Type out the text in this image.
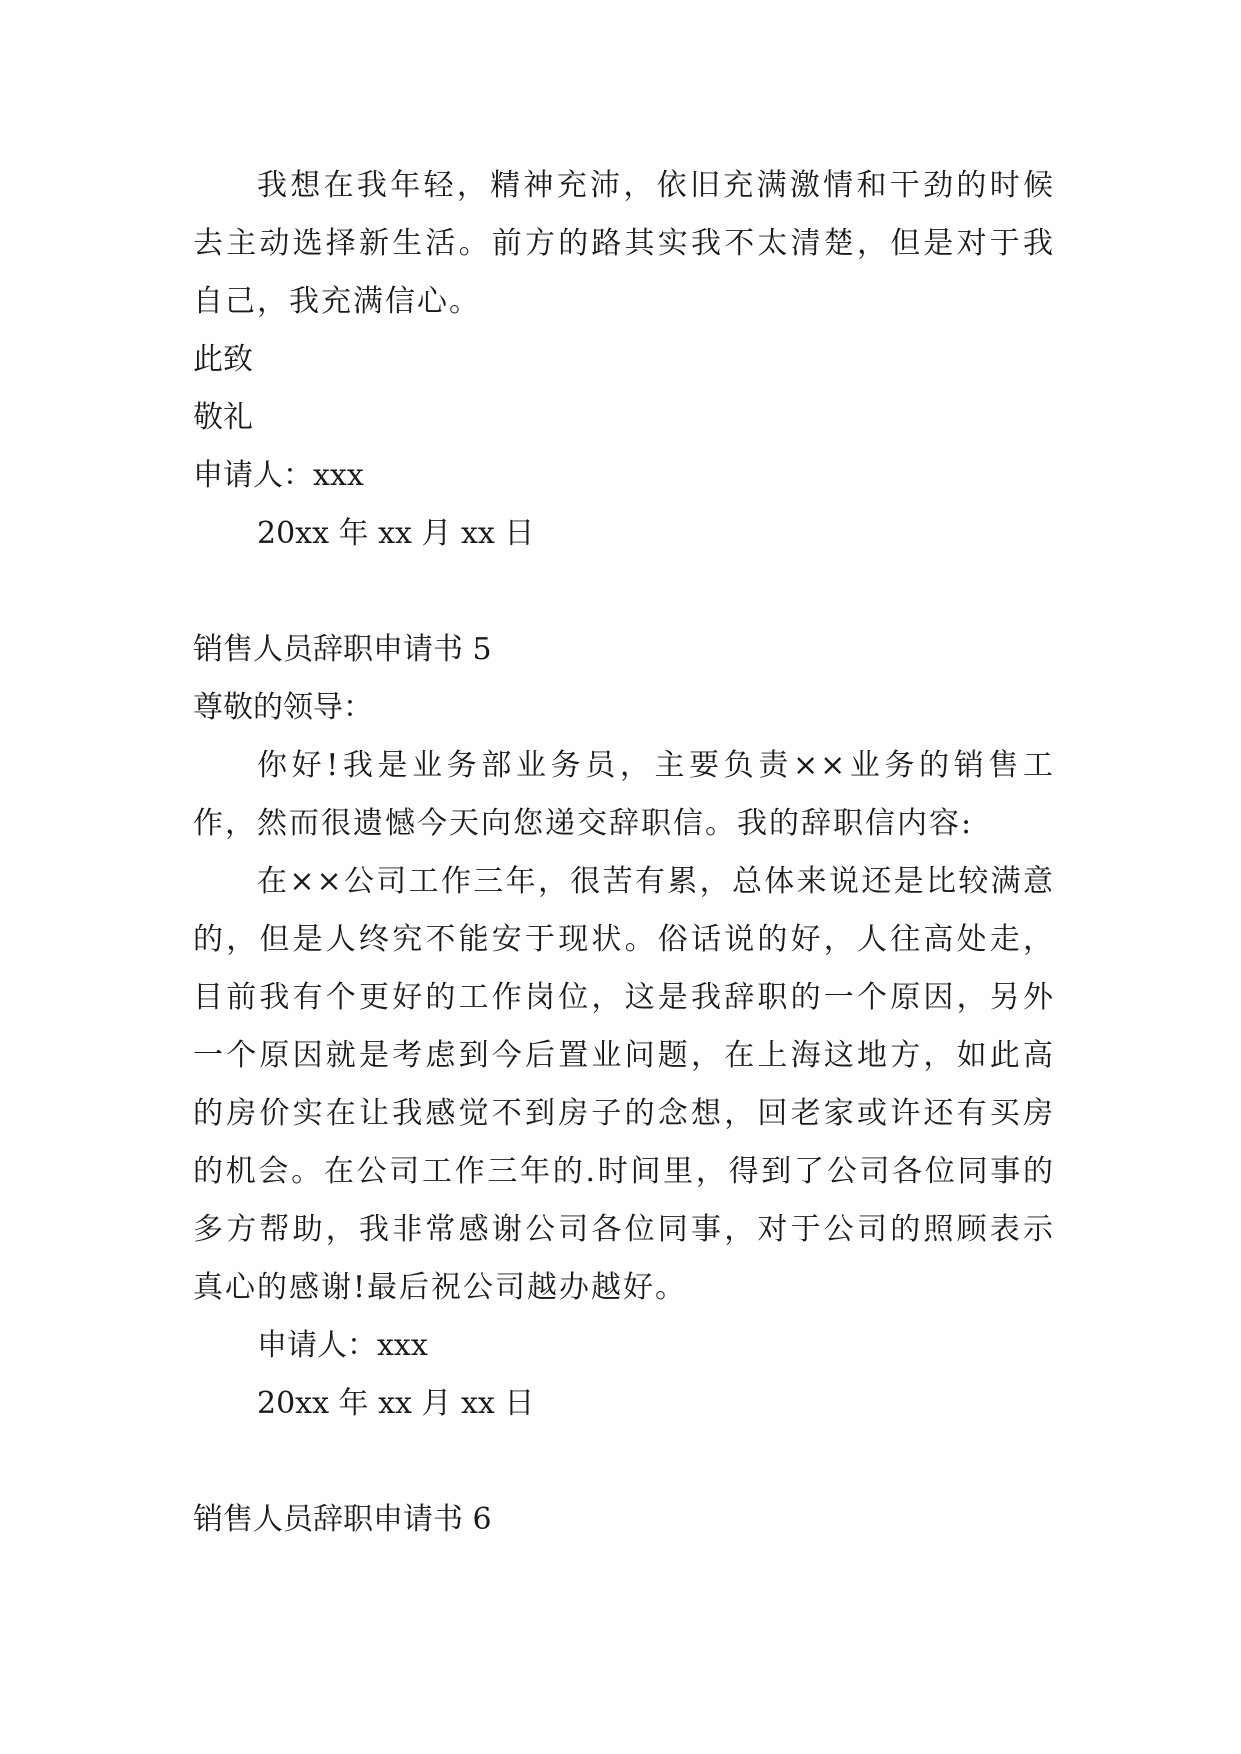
我想在我年轻，精神充沛，依旧充满激情和干劲的时候去主动选择新生活。前方的路其实我不太清楚，但是对于我自己，我充满信心。
此致
敬礼
申请人：xxx
20xx 年 xx 月 xx 日
销售人员辞职申请书 5
尊敬的领导：
你好!我是业务部业务员，主要负责××业务的销售工作，然而很遗憾今天向您递交辞职信。我的辞职信内容:
在××公司工作三年，很苦有累，总体来说还是比较满意的，但是人终究不能安于现状。俗话说的好，人往高处走，目前我有个更好的工作岗位，这是我辞职的一个原因，另外一个原因就是考虑到今后置业问题，在上海这地方，如此高的房价实在让我感觉不到房子的念想，回老家或许还有买房的机会。在公司工作三年的.时间里，得到了公司各位同事的多方帮助，我非常感谢公司各位同事，对于公司的照顾表示真心的感谢!最后祝公司越办越好。
申请人：xxx
20xx 年 xx 月 xx 日
销售人员辞职申请书 6
